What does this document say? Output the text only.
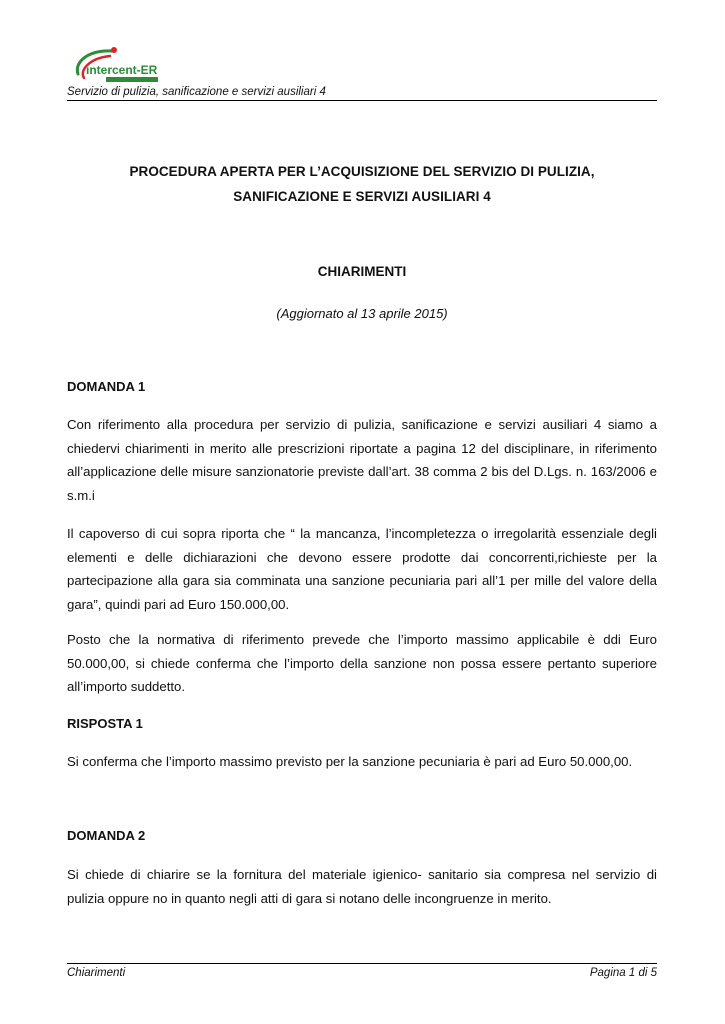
intercent-ER
Servizio di pulizia, sanificazione e servizi ausiliari 4
PROCEDURA APERTA PER L’ACQUISIZIONE DEL SERVIZIO DI PULIZIA,
SANIFICAZIONE E SERVIZI AUSILIARI 4
CHIARIMENTI
(Aggiornato al 13 aprile 2015)
DOMANDA 1
Con riferimento alla procedura per servizio di pulizia, sanificazione e servizi ausiliari 4 siamo a chiedervi chiarimenti in merito alle prescrizioni riportate a pagina 12 del disciplinare, in riferimento all’applicazione delle misure sanzionatorie previste dall’art. 38 comma 2 bis del D.Lgs. n. 163/2006 e s.m.i
Il capoverso di cui sopra riporta che “ la mancanza, l’incompletezza o irregolarità essenziale degli elementi e delle dichiarazioni che devono essere prodotte dai concorrenti,richieste per la partecipazione alla gara sia comminata una sanzione pecuniaria pari all’1 per mille del valore della gara”, quindi pari ad Euro 150.000,00.
Posto che la normativa di riferimento prevede che l’importo massimo applicabile è ddi Euro 50.000,00, si chiede conferma che l’importo della sanzione non possa essere pertanto superiore all’importo suddetto.
RISPOSTA 1
Si conferma che l’importo massimo previsto per la sanzione pecuniaria è pari ad Euro 50.000,00.
DOMANDA 2
Si chiede di chiarire se la fornitura del materiale igienico- sanitario sia compresa nel servizio di pulizia oppure no in quanto negli atti di gara si notano delle incongruenze in merito.
Chiarimenti	Pagina 1 di 5
